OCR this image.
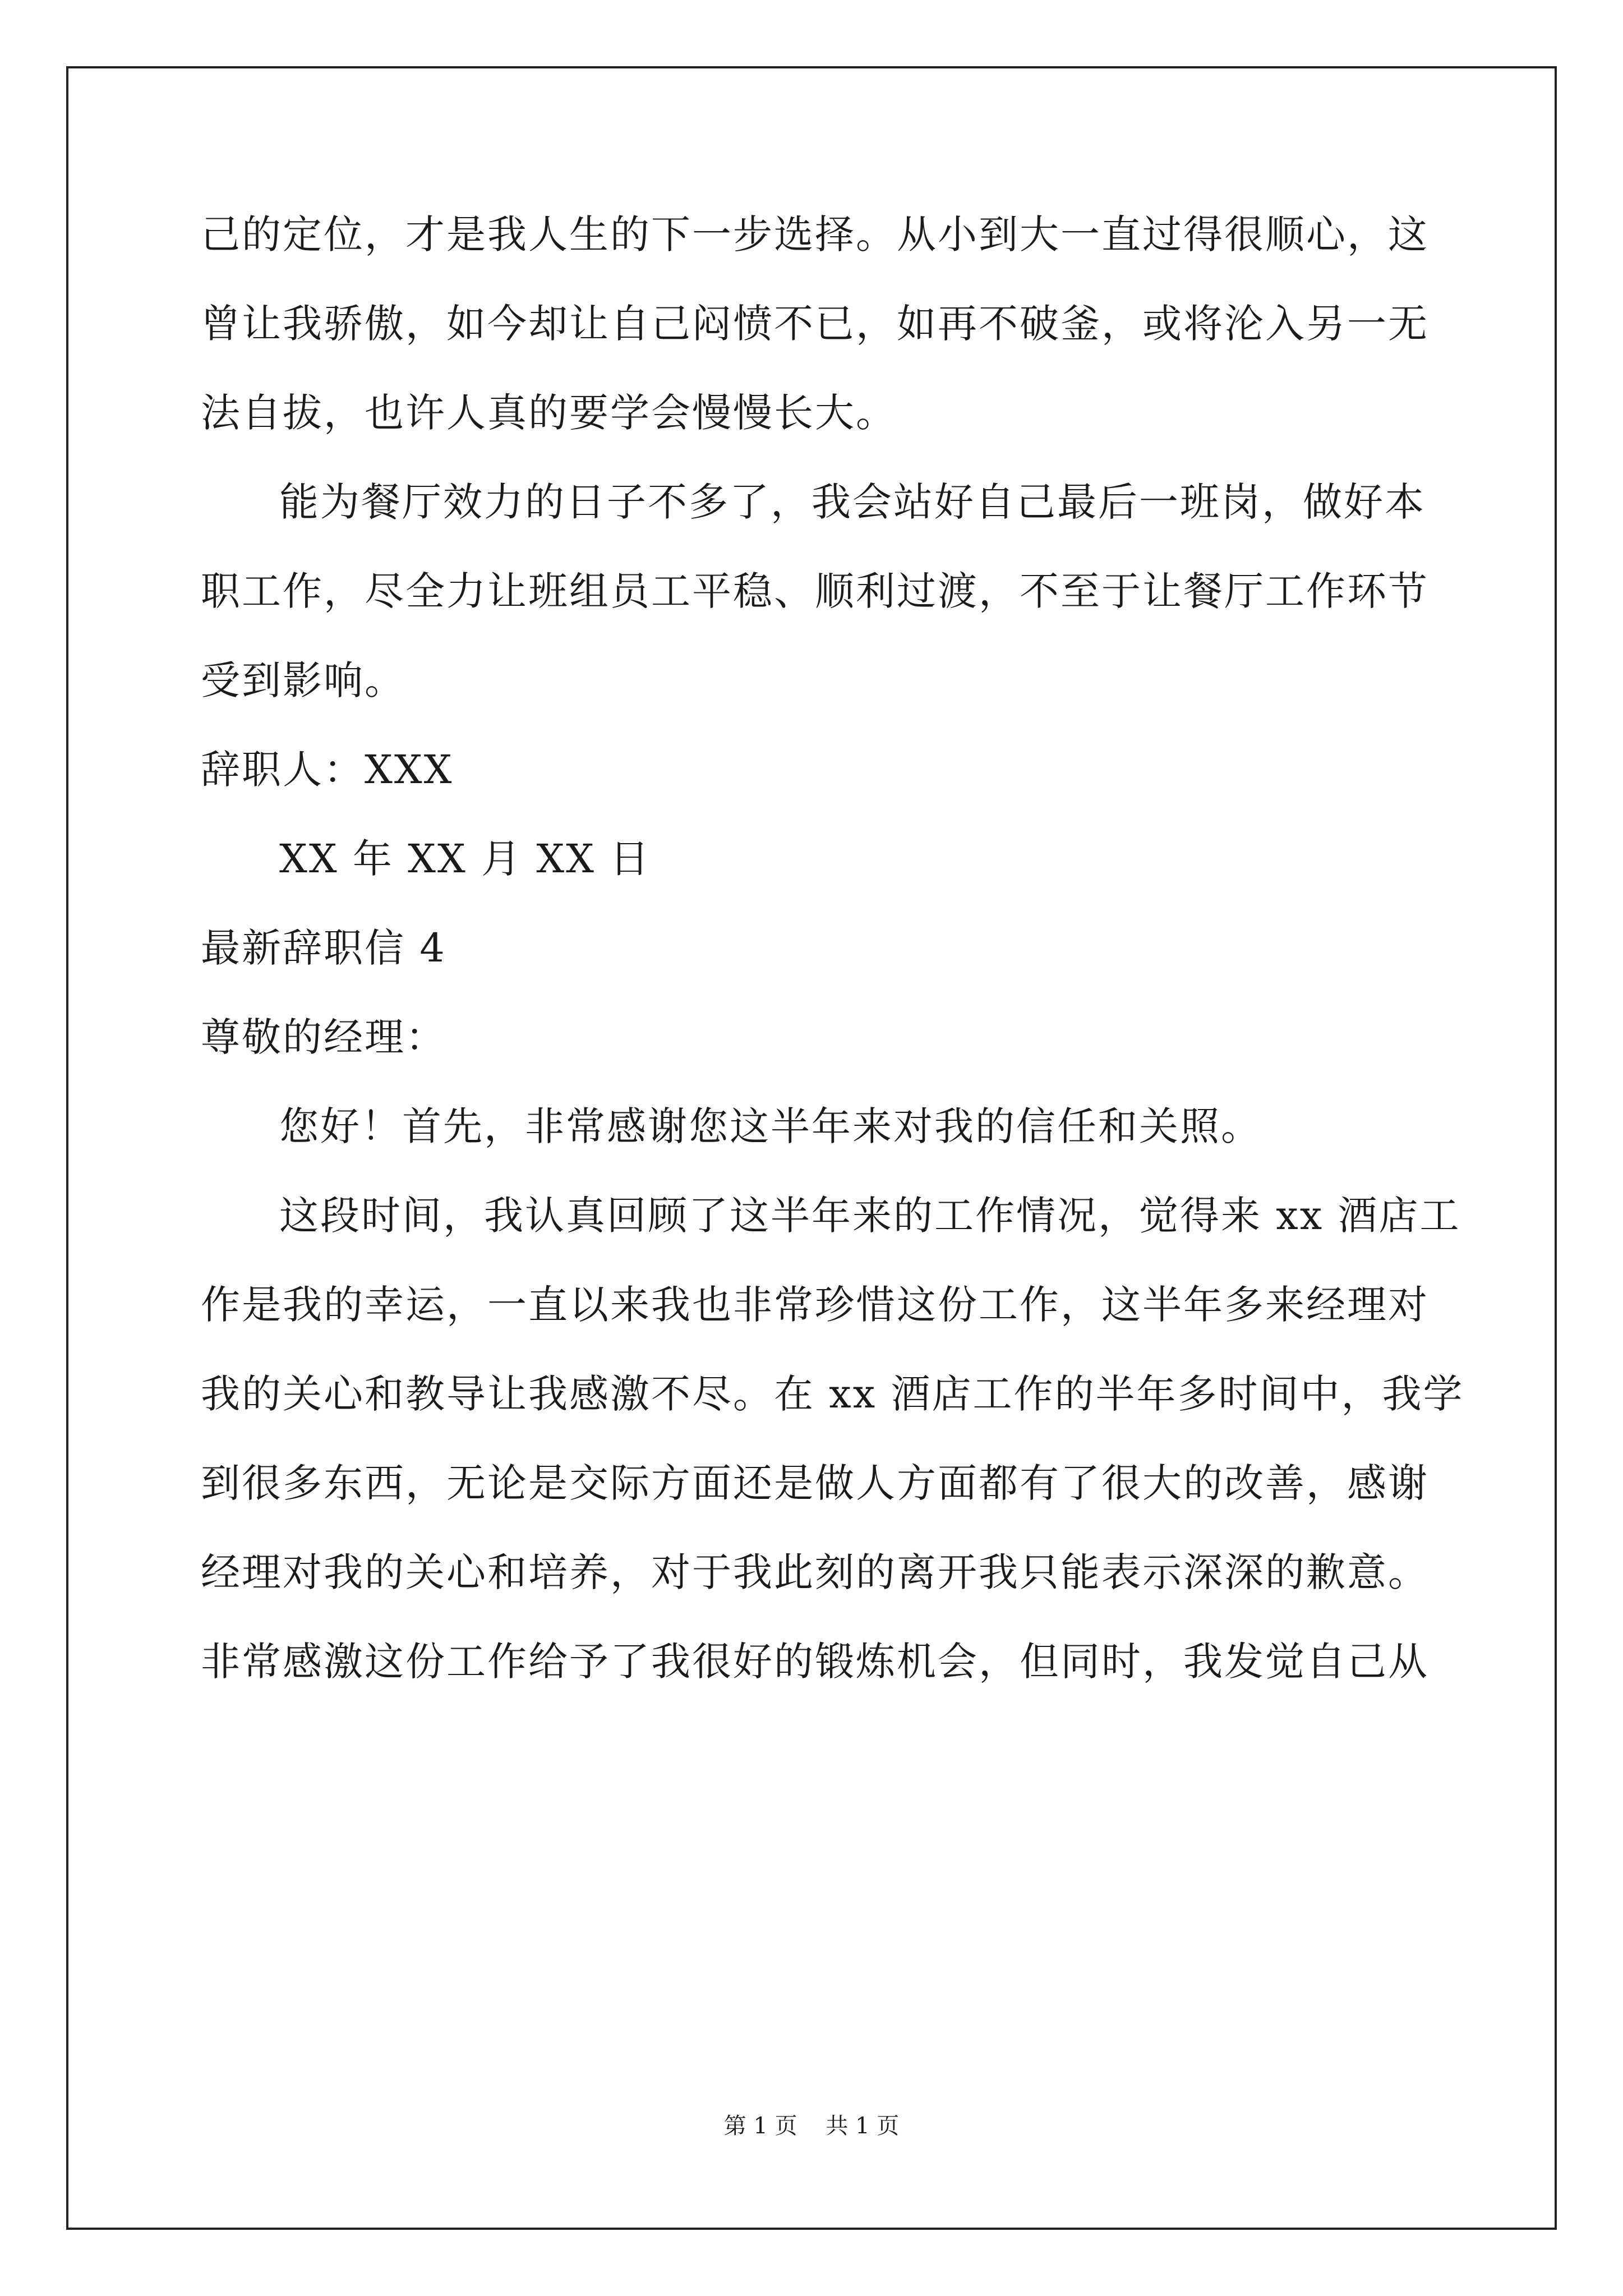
己的定位，才是我人生的下一步选择。从小到大一直过得很顺心，这
曾让我骄傲，如今却让自己闷愤不已，如再不破釜，或将沦入另一无
法自拔，也许人真的要学会慢慢长大。
能为餐厅效力的日子不多了，我会站好自己最后一班岗，做好本
职工作，尽全力让班组员工平稳、顺利过渡，不至于让餐厅工作环节
受到影响。
辞职人：XXX
XX 年 XX 月 XX 日
最新辞职信 4
尊敬的经理：
您好！首先，非常感谢您这半年来对我的信任和关照。
这段时间，我认真回顾了这半年来的工作情况，觉得来 xx 酒店工
作是我的幸运，一直以来我也非常珍惜这份工作，这半年多来经理对
我的关心和教导让我感激不尽。在 xx 酒店工作的半年多时间中，我学
到很多东西，无论是交际方面还是做人方面都有了很大的改善，感谢
经理对我的关心和培养，对于我此刻的离开我只能表示深深的歉意。
非常感激这份工作给予了我很好的锻炼机会，但同时，我发觉自己从
第 1 页    共 1 页
